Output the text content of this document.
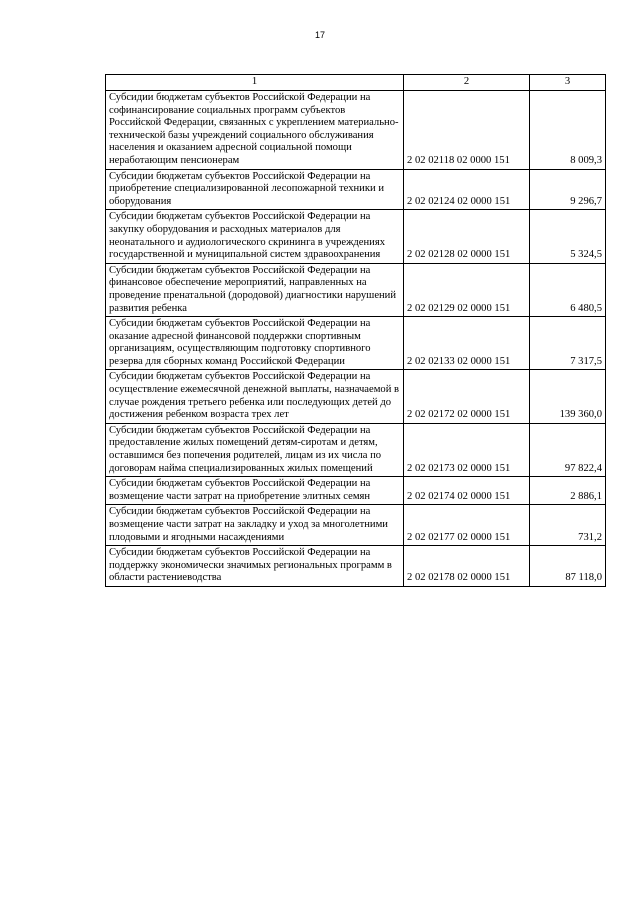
17
1	2	3
Субсидии бюджетам субъектов Российской Федерации на софинансирование социальных программ субъектов Российской Федерации, связанных с укреплением материально-технической базы учреждений социального обслуживания населения и оказанием адресной социальной помощи неработающим пенсионерам	2 02 02118 02 0000 151	8 009,3
Субсидии бюджетам субъектов Российской Федерации на приобретение специализированной лесопожарной техники и оборудования	2 02 02124 02 0000 151	9 296,7
Субсидии бюджетам субъектов Российской Федерации на закупку оборудования и расходных материалов для неонатального и аудиологического скрининга в учреждениях государственной и муниципальной систем здравоохранения	2 02 02128 02 0000 151	5 324,5
Субсидии бюджетам субъектов Российской Федерации на финансовое обеспечение мероприятий, направленных на проведение пренатальной (дородовой) диагностики нарушений развития ребенка	2 02 02129 02 0000 151	6 480,5
Субсидии бюджетам субъектов Российской Федерации на оказание адресной финансовой поддержки спортивным организациям, осуществляющим подготовку спортивного резерва для сборных команд Российской Федерации	2 02 02133 02 0000 151	7 317,5
Субсидии бюджетам субъектов Российской Федерации на осуществление ежемесячной денежной выплаты, назначаемой в случае рождения третьего ребенка или последующих детей до достижения ребенком возраста трех лет	2 02 02172 02 0000 151	139 360,0
Субсидии бюджетам субъектов Российской Федерации на предоставление жилых помещений детям-сиротам и детям, оставшимся без попечения родителей, лицам из их числа по договорам найма специализированных жилых помещений	2 02 02173 02 0000 151	97 822,4
Субсидии бюджетам субъектов Российской Федерации на возмещение части затрат на приобретение элитных семян	2 02 02174 02 0000 151	2 886,1
Субсидии бюджетам субъектов Российской Федерации на возмещение части затрат на закладку и уход за многолетними плодовыми и ягодными насаждениями	2 02 02177 02 0000 151	731,2
Субсидии бюджетам субъектов Российской Федерации на поддержку экономически значимых региональных программ в области растениеводства	2 02 02178 02 0000 151	87 118,0
